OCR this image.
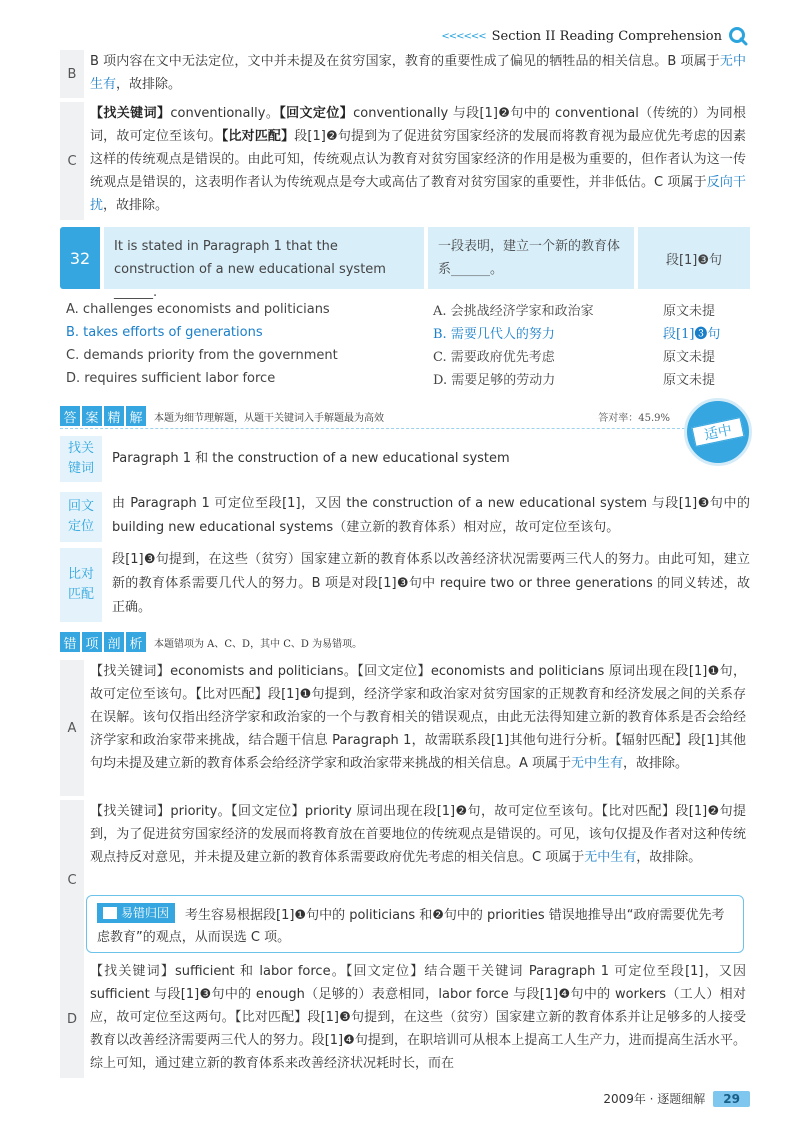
<<<<<< Section II Reading Comprehension
B
B 项内容在文中无法定位，文中并未提及在贫穷国家，教育的重要性成了偏见的牺牲品的相关信息。B 项属于无中生有，故排除。
C
【找关键词】conventionally。【回文定位】conventionally 与段[1]❷句中的 conventional（传统的）为同根词，故可定位至该句。【比对匹配】段[1]❷句提到为了促进贫穷国家经济的发展而将教育视为最应优先考虑的因素这样的传统观点是错误的。由此可知，传统观点认为教育对贫穷国家经济的作用是极为重要的，但作者认为这一传统观点是错误的，这表明作者认为传统观点是夸大或高估了教育对贫穷国家的重要性，并非低估。C 项属于反向干扰，故排除。
32
It is stated in Paragraph 1 that the construction of a new educational system ______.
一段表明，建立一个新的教育体系______。
段[1]❸句
A. challenges economists and politicians	A. 会挑战经济学家和政治家	原文未提
B. takes efforts of generations	B. 需要几代人的努力	段[1]❸句
C. demands priority from the government	C. 需要政府优先考虑	原文未提
D. requires sufficient labor force	D. 需要足够的劳动力	原文未提
答 案 精 解	本题为细节理解题，从题干关键词入手解题最为高效	答对率：45.9%
适中
找关
键词
Paragraph 1 和 the construction of a new educational system
回文
定位
由 Paragraph 1 可定位至段[1]，又因 the construction of a new educational system 与段[1]❸句中的 building new educational systems（建立新的教育体系）相对应，故可定位至该句。
比对
匹配
段[1]❸句提到，在这些（贫穷）国家建立新的教育体系以改善经济状况需要两三代人的努力。由此可知，建立新的教育体系需要几代人的努力。B 项是对段[1]❸句中 require two or three generations 的同义转述，故正确。
错 项 剖 析	本题错项为 A、C、D，其中 C、D 为易错项。
A
【找关键词】economists and politicians。【回文定位】economists and politicians 原词出现在段[1]❶句，故可定位至该句。【比对匹配】段[1]❶句提到，经济学家和政治家对贫穷国家的正规教育和经济发展之间的关系存在误解。该句仅指出经济学家和政治家的一个与教育相关的错误观点，由此无法得知建立新的教育体系是否会给经济学家和政治家带来挑战，结合题干信息 Paragraph 1，故需联系段[1]其他句进行分析。【辐射匹配】段[1]其他句均未提及建立新的教育体系会给经济学家和政治家带来挑战的相关信息。A 项属于无中生有，故排除。
C
【找关键词】priority。【回文定位】priority 原词出现在段[1]❷句，故可定位至该句。【比对匹配】段[1]❷句提到，为了促进贫穷国家经济的发展而将教育放在首要地位的传统观点是错误的。可见，该句仅提及作者对这种传统观点持反对意见，并未提及建立新的教育体系需要政府优先考虑的相关信息。C 项属于无中生有，故排除。
易错归因 考生容易根据段[1]❶句中的 politicians 和❷句中的 priorities 错误地推导出“政府需要优先考虑教育”的观点，从而误选 C 项。
D
【找关键词】sufficient 和 labor force。【回文定位】结合题干关键词 Paragraph 1 可定位至段[1]，又因 sufficient 与段[1]❸句中的 enough（足够的）表意相同，labor force 与段[1]❹句中的 workers（工人）相对应，故可定位至这两句。【比对匹配】段[1]❸句提到，在这些（贫穷）国家建立新的教育体系并让足够多的人接受教育以改善经济需要两三代人的努力。段[1]❹句提到，在职培训可从根本上提高工人生产力，进而提高生活水平。综上可知，通过建立新的教育体系来改善经济状况耗时长，而在
2009年 · 逐题细解	29
